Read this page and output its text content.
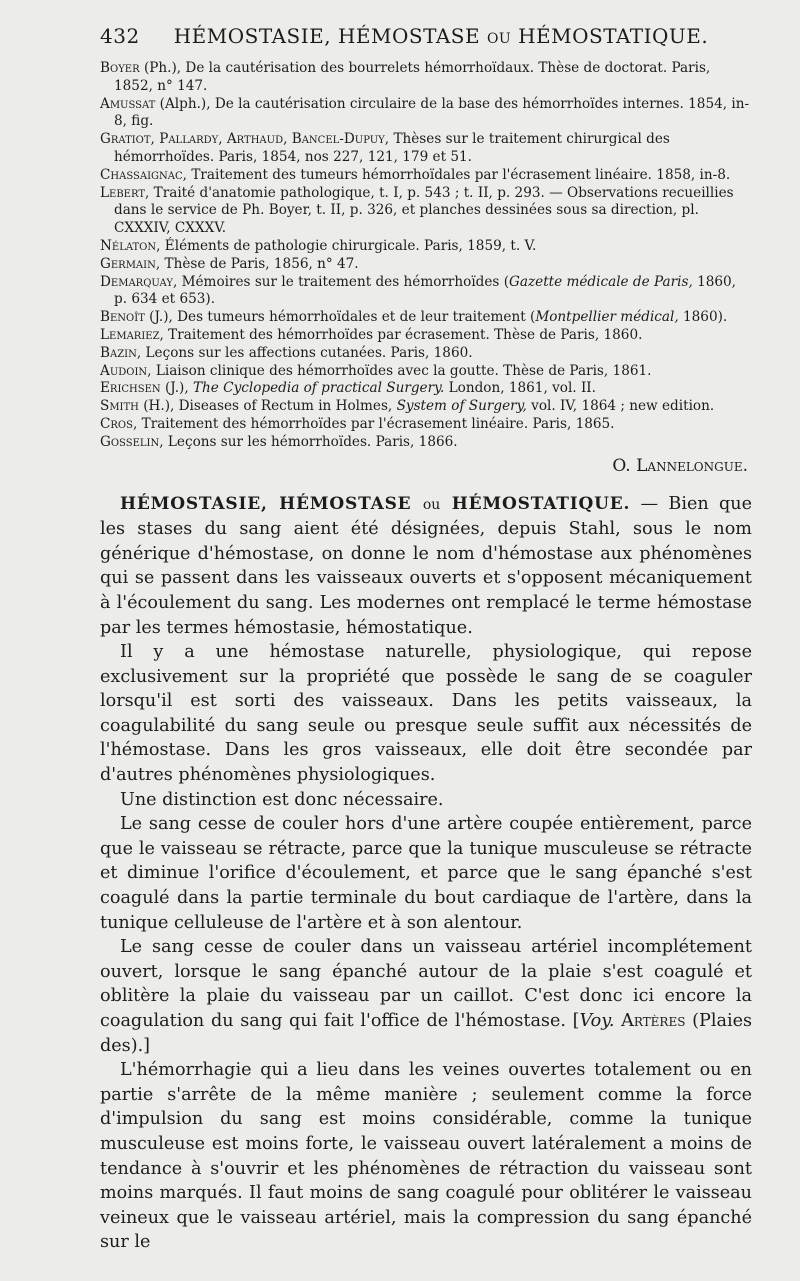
432	HÉMOSTASIE, HÉMOSTASE OU HÉMOSTATIQUE.
Boyer (Ph.), De la cautérisation des bourrelets hémorrhoïdaux. Thèse de doctorat. Paris, 1852, n° 147.
Amussat (Alph.), De la cautérisation circulaire de la base des hémorrhoïdes internes. 1854, in-8, fig.
Gratiot, Pallardy, Arthaud, Bancel-Dupuy, Thèses sur le traitement chirurgical des hémorrhoïdes. Paris, 1854, nos 227, 121, 179 et 51.
Chassaignac, Traitement des tumeurs hémorrhoïdales par l'écrasement linéaire. 1858, in-8.
Lebert, Traité d'anatomie pathologique, t. I, p. 543 ; t. II, p. 293. — Observations recueillies dans le service de Ph. Boyer, t. II, p. 326, et planches dessinées sous sa direction, pl. CXXXIV, CXXXV.
Nélaton, Éléments de pathologie chirurgicale. Paris, 1859, t. V.
Germain, Thèse de Paris, 1856, n° 47.
Demarquay, Mémoires sur le traitement des hémorrhoïdes (Gazette médicale de Paris, 1860, p. 634 et 653).
Benoît (J.), Des tumeurs hémorrhoïdales et de leur traitement (Montpellier médical, 1860).
Lemariez, Traitement des hémorrhoïdes par écrasement. Thèse de Paris, 1860.
Bazin, Leçons sur les affections cutanées. Paris, 1860.
Audoin, Liaison clinique des hémorrhoïdes avec la goutte. Thèse de Paris, 1861.
Erichsen (J.), The Cyclopedia of practical Surgery. London, 1861, vol. II.
Smith (H.), Diseases of Rectum in Holmes, System of Surgery, vol. IV, 1864 ; new edition.
Cros, Traitement des hémorrhoïdes par l'écrasement linéaire. Paris, 1865.
Gosselin, Leçons sur les hémorrhoïdes. Paris, 1866.
O. Lannelongue.

HÉMOSTASIE, HÉMOSTASE ou HÉMOSTATIQUE. — Bien que les stases du sang aient été désignées, depuis Stahl, sous le nom générique d'hémostase, on donne le nom d'hémostase aux phénomènes qui se passent dans les vaisseaux ouverts et s'opposent mécaniquement à l'écoulement du sang. Les modernes ont remplacé le terme hémostase par les termes hémostasie, hémostatique.

Il y a une hémostase naturelle, physiologique, qui repose exclusivement sur la propriété que possède le sang de se coaguler lorsqu'il est sorti des vaisseaux. Dans les petits vaisseaux, la coagulabilité du sang seule ou presque seule suffit aux nécessités de l'hémostase. Dans les gros vaisseaux, elle doit être secondée par d'autres phénomènes physiologiques.

Une distinction est donc nécessaire.

Le sang cesse de couler hors d'une artère coupée entièrement, parce que le vaisseau se rétracte, parce que la tunique musculeuse se rétracte et diminue l'orifice d'écoulement, et parce que le sang épanché s'est coagulé dans la partie terminale du bout cardiaque de l'artère, dans la tunique celluleuse de l'artère et à son alentour.

Le sang cesse de couler dans un vaisseau artériel incomplétement ouvert, lorsque le sang épanché autour de la plaie s'est coagulé et oblitère la plaie du vaisseau par un caillot. C'est donc ici encore la coagulation du sang qui fait l'office de l'hémostase. [Voy. Artères (Plaies des).]

L'hémorrhagie qui a lieu dans les veines ouvertes totalement ou en partie s'arrête de la même manière ; seulement comme la force d'impulsion du sang est moins considérable, comme la tunique musculeuse est moins forte, le vaisseau ouvert latéralement a moins de tendance à s'ouvrir et les phénomènes de rétraction du vaisseau sont moins marqués. Il faut moins de sang coagulé pour oblitérer le vaisseau veineux que le vaisseau artériel, mais la compression du sang épanché sur le
